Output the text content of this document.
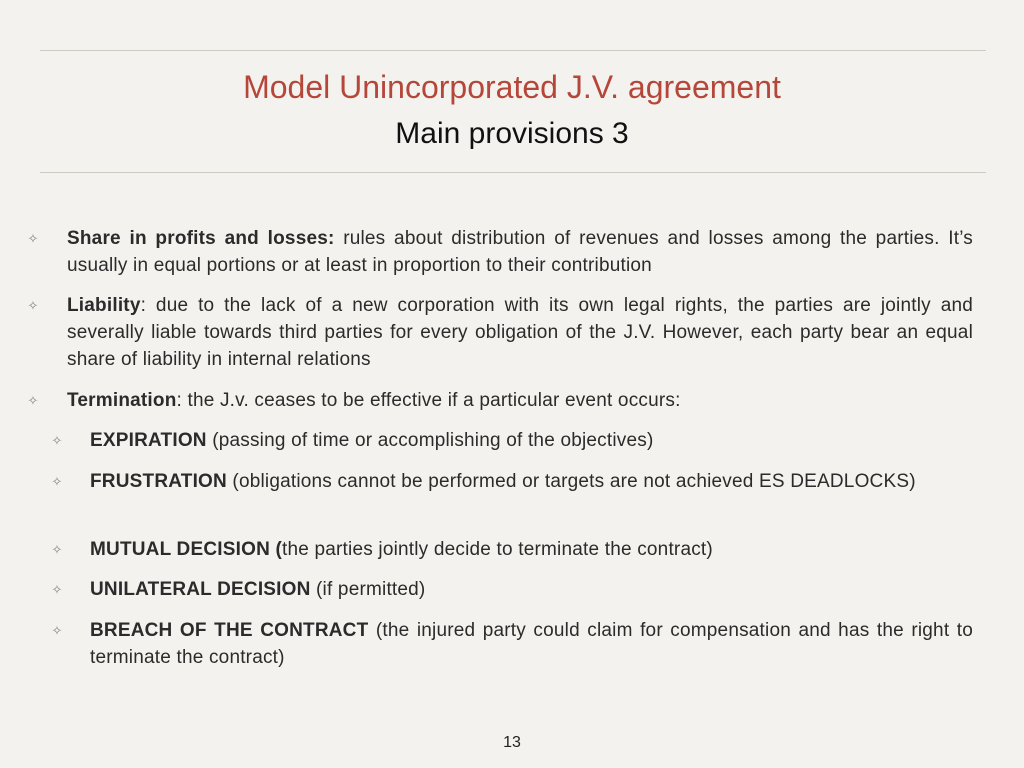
Model Unincorporated J.V. agreement
Main provisions 3
✧ Share in profits and losses: rules about distribution of revenues and losses among the parties. It’s usually in equal portions or at least in proportion to their contribution
✧ Liability: due to the lack of a new corporation with its own legal rights, the parties are jointly and severally liable towards third parties for every obligation of the J.V. However, each party bear an equal share of liability in internal relations
✧ Termination: the J.v. ceases to be effective if a particular event occurs:
✧ EXPIRATION (passing of time or accomplishing of the objectives)
✧ FRUSTRATION (obligations cannot be performed or targets are not achieved ES DEADLOCKS)
✧ MUTUAL DECISION (the parties jointly decide to terminate the contract)
✧ UNILATERAL DECISION (if permitted)
✧ BREACH OF THE CONTRACT (the injured party could claim for compensation and has the right to terminate the contract)
13
